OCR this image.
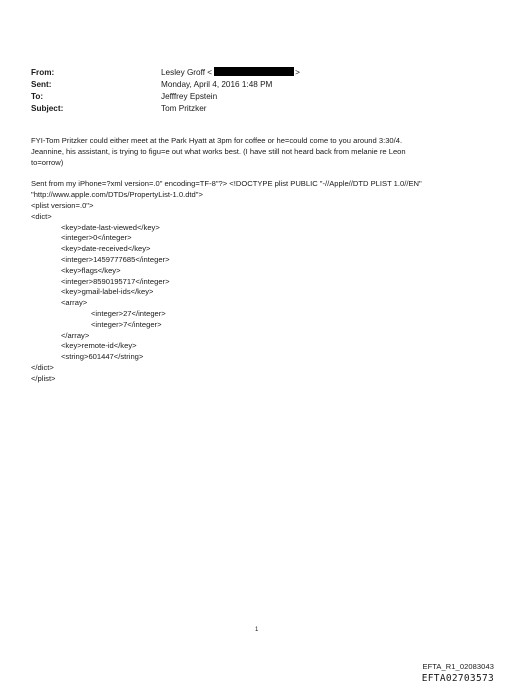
From:	Lesley Groff <	>
Sent:	Monday, April 4, 2016 1:48 PM
To:	Jefffrey Epstein
Subject:	Tom Pritzker
FYI-Tom Pritzker could either meet at the Park Hyatt at 3pm for coffee or he=could come to you around 3:30/4.
Jeannine, his assistant, is trying to figu=e out what works best. (I have still not heard back from melanie re Leon
to=orrow)
Sent from my iPhone=?xml version=.0" encoding=TF-8"?> <!DOCTYPE plist PUBLIC "-//Apple//DTD PLIST 1.0//EN"
"http://www.apple.com/DTDs/PropertyList-1.0.dtd">
<plist version=.0">
<dict>
<key>date-last-viewed</key>
<integer>0</integer>
<key>date-received</key>
<integer>1459777685</integer>
<key>flags</key>
<integer>8590195717</integer>
<key>gmail-label-ids</key>
<array>
<integer>27</integer>
<integer>7</integer>
</array>
<key>remote-id</key>
<string>601447</string>
</dict>
</plist>
1
EFTA_R1_02083043
EFTA02703573
